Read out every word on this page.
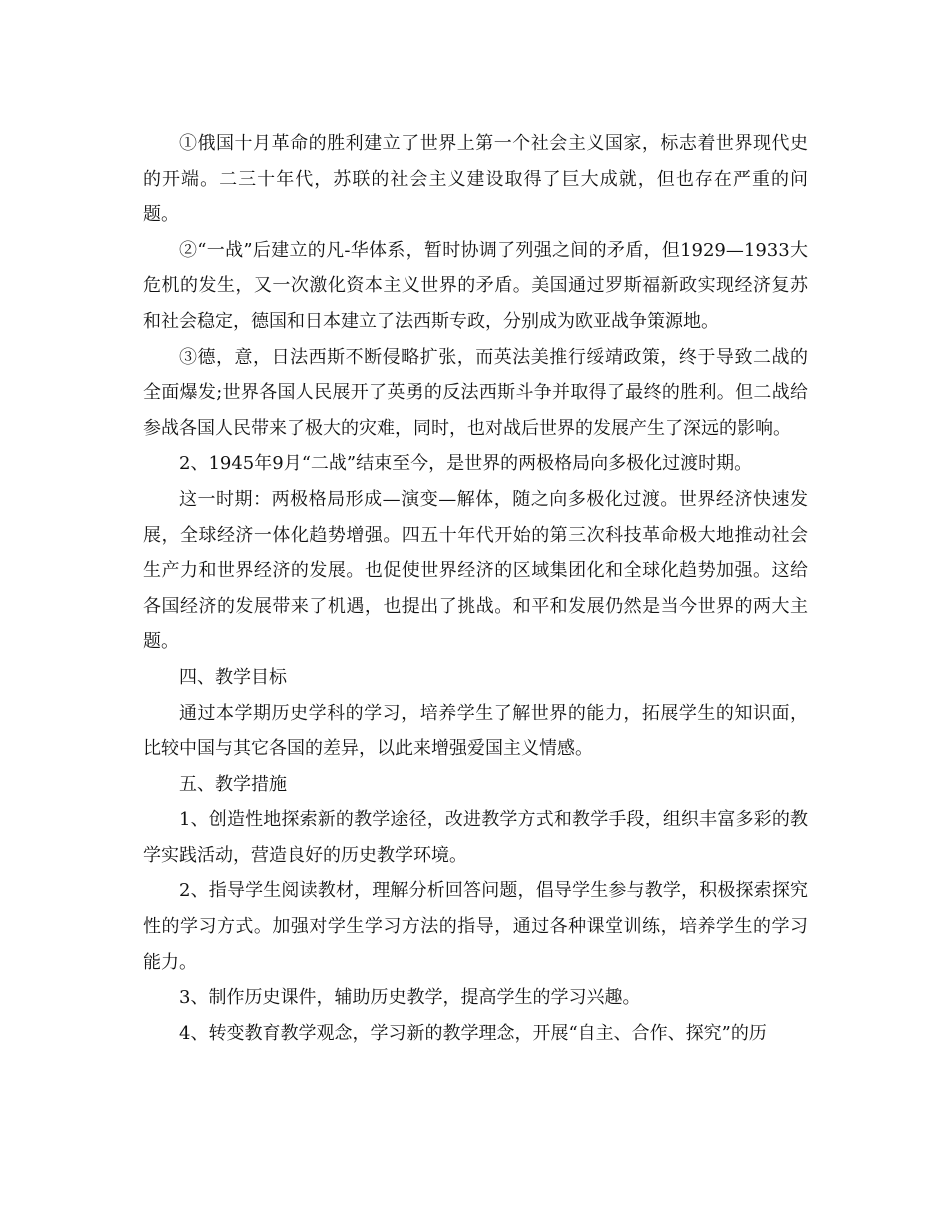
①俄国十月革命的胜利建立了世界上第一个社会主义国家，标志着世界现代史的开端。二三十年代，苏联的社会主义建设取得了巨大成就，但也存在严重的问题。

②“一战”后建立的凡-华体系，暂时协调了列强之间的矛盾，但1929—1933大危机的发生，又一次激化资本主义世界的矛盾。美国通过罗斯福新政实现经济复苏和社会稳定，德国和日本建立了法西斯专政，分别成为欧亚战争策源地。

③德，意，日法西斯不断侵略扩张，而英法美推行绥靖政策，终于导致二战的全面爆发;世界各国人民展开了英勇的反法西斯斗争并取得了最终的胜利。但二战给参战各国人民带来了极大的灾难，同时，也对战后世界的发展产生了深远的影响。

2、1945年9月“二战”结束至今，是世界的两极格局向多极化过渡时期。

这一时期：两极格局形成—演变—解体，随之向多极化过渡。世界经济快速发展，全球经济一体化趋势增强。四五十年代开始的第三次科技革命极大地推动社会生产力和世界经济的发展。也促使世界经济的区域集团化和全球化趋势加强。这给各国经济的发展带来了机遇，也提出了挑战。和平和发展仍然是当今世界的两大主题。

四、教学目标

通过本学期历史学科的学习，培养学生了解世界的能力，拓展学生的知识面，比较中国与其它各国的差异，以此来增强爱国主义情感。

五、教学措施

1、创造性地探索新的教学途径，改进教学方式和教学手段，组织丰富多彩的教学实践活动，营造良好的历史教学环境。

2、指导学生阅读教材，理解分析回答问题，倡导学生参与教学，积极探索探究性的学习方式。加强对学生学习方法的指导，通过各种课堂训练，培养学生的学习能力。

3、制作历史课件，辅助历史教学，提高学生的学习兴趣。

4、转变教育教学观念，学习新的教学理念，开展“自主、合作、探究”的历
